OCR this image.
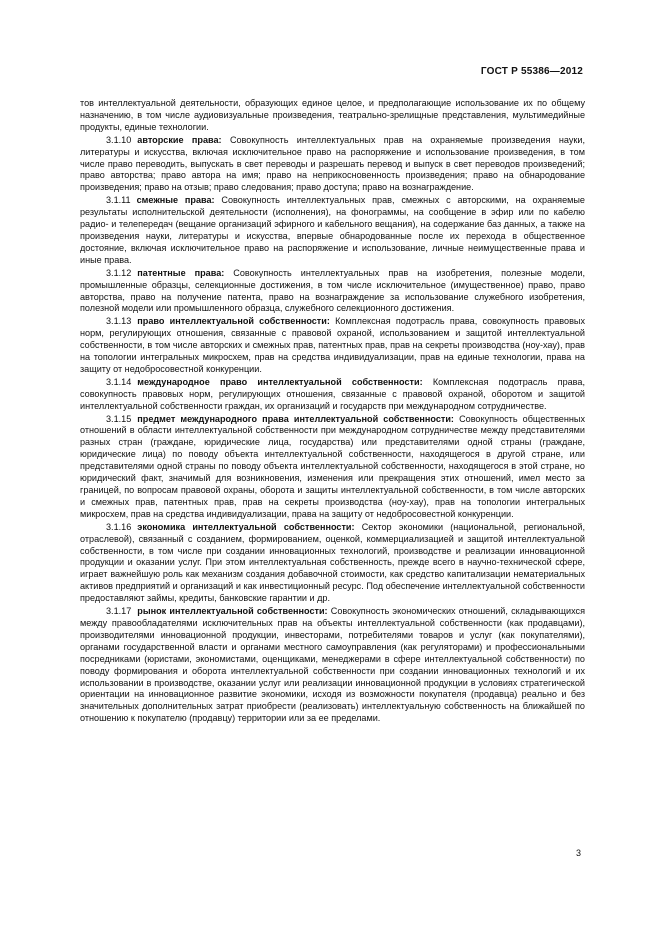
ГОСТ Р 55386—2012

тов интеллектуальной деятельности, образующих единое целое, и предполагающие использование их по общему назначению, в том числе аудиовизуальные произведения, театрально-зрелищные представления, мультимедийные продукты, единые технологии.

3.1.10 авторские права: Совокупность интеллектуальных прав на охраняемые произведения науки, литературы и искусства, включая исключительное право на распоряжение и использование произведения, в том числе право переводить, выпускать в свет переводы и разрешать перевод и выпуск в свет переводов произведений; право авторства; право автора на имя; право на неприкосновенность произведения; право на обнародование произведения; право на отзыв; право следования; право доступа; право на вознаграждение.

3.1.11 смежные права: Совокупность интеллектуальных прав, смежных с авторскими, на охраняемые результаты исполнительской деятельности (исполнения), на фонограммы, на сообщение в эфир или по кабелю радио- и телепередач (вещание организаций эфирного и кабельного вещания), на содержание баз данных, а также на произведения науки, литературы и искусства, впервые обнародованные после их перехода в общественное достояние, включая исключительное право на распоряжение и использование, личные неимущественные права и иные права.

3.1.12 патентные права: Совокупность интеллектуальных прав на изобретения, полезные модели, промышленные образцы, селекционные достижения, в том числе исключительное (имущественное) право, право авторства, право на получение патента, право на вознаграждение за использование служебного изобретения, полезной модели или промышленного образца, служебного селекционного достижения.

3.1.13 право интеллектуальной собственности: Комплексная подотрасль права, совокупность правовых норм, регулирующих отношения, связанные с правовой охраной, использованием и защитой интеллектуальной собственности, в том числе авторских и смежных прав, патентных прав, прав на секреты производства (ноу-хау), прав на топологии интегральных микросхем, прав на средства индивидуализации, прав на единые технологии, права на защиту от недобросовестной конкуренции.

3.1.14 международное право интеллектуальной собственности: Комплексная подотрасль права, совокупность правовых норм, регулирующих отношения, связанные с правовой охраной, оборотом и защитой интеллектуальной собственности граждан, их организаций и государств при международном сотрудничестве.

3.1.15 предмет международного права интеллектуальной собственности: Совокупность общественных отношений в области интеллектуальной собственности при международном сотрудничестве между представителями разных стран (граждане, юридические лица, государства) или представителями одной страны (граждане, юридические лица) по поводу объекта интеллектуальной собственности, находящегося в другой стране, или представителями одной страны по поводу объекта интеллектуальной собственности, находящегося в этой стране, но юридический факт, значимый для возникновения, изменения или прекращения этих отношений, имел место за границей, по вопросам правовой охраны, оборота и защиты интеллектуальной собственности, в том числе авторских и смежных прав, патентных прав, прав на секреты производства (ноу-хау), прав на топологии интегральных микросхем, прав на средства индивидуализации, права на защиту от недобросовестной конкуренции.

3.1.16 экономика интеллектуальной собственности: Сектор экономики (национальной, региональной, отраслевой), связанный с созданием, формированием, оценкой, коммерциализацией и защитой интеллектуальной собственности, в том числе при создании инновационных технологий, производстве и реализации инновационной продукции и оказании услуг. При этом интеллектуальная собственность, прежде всего в научно-технической сфере, играет важнейшую роль как механизм создания добавочной стоимости, как средство капитализации нематериальных активов предприятий и организаций и как инвестиционный ресурс. Под обеспечение интеллектуальной собственности предоставляют займы, кредиты, банковские гарантии и др.

3.1.17 рынок интеллектуальной собственности: Совокупность экономических отношений, складывающихся между правообладателями исключительных прав на объекты интеллектуальной собственности (как продавцами), производителями инновационной продукции, инвесторами, потребителями товаров и услуг (как покупателями), органами государственной власти и органами местного самоуправления (как регуляторами) и профессиональными посредниками (юристами, экономистами, оценщиками, менеджерами в сфере интеллектуальной собственности) по поводу формирования и оборота интеллектуальной собственности при создании инновационных технологий и их использовании в производстве, оказании услуг или реализации инновационной продукции в условиях стратегической ориентации на инновационное развитие экономики, исходя из возможности покупателя (продавца) реально и без значительных дополнительных затрат приобрести (реализовать) интеллектуальную собственность на ближайшей по отношению к покупателю (продавцу) территории или за ее пределами.

3
